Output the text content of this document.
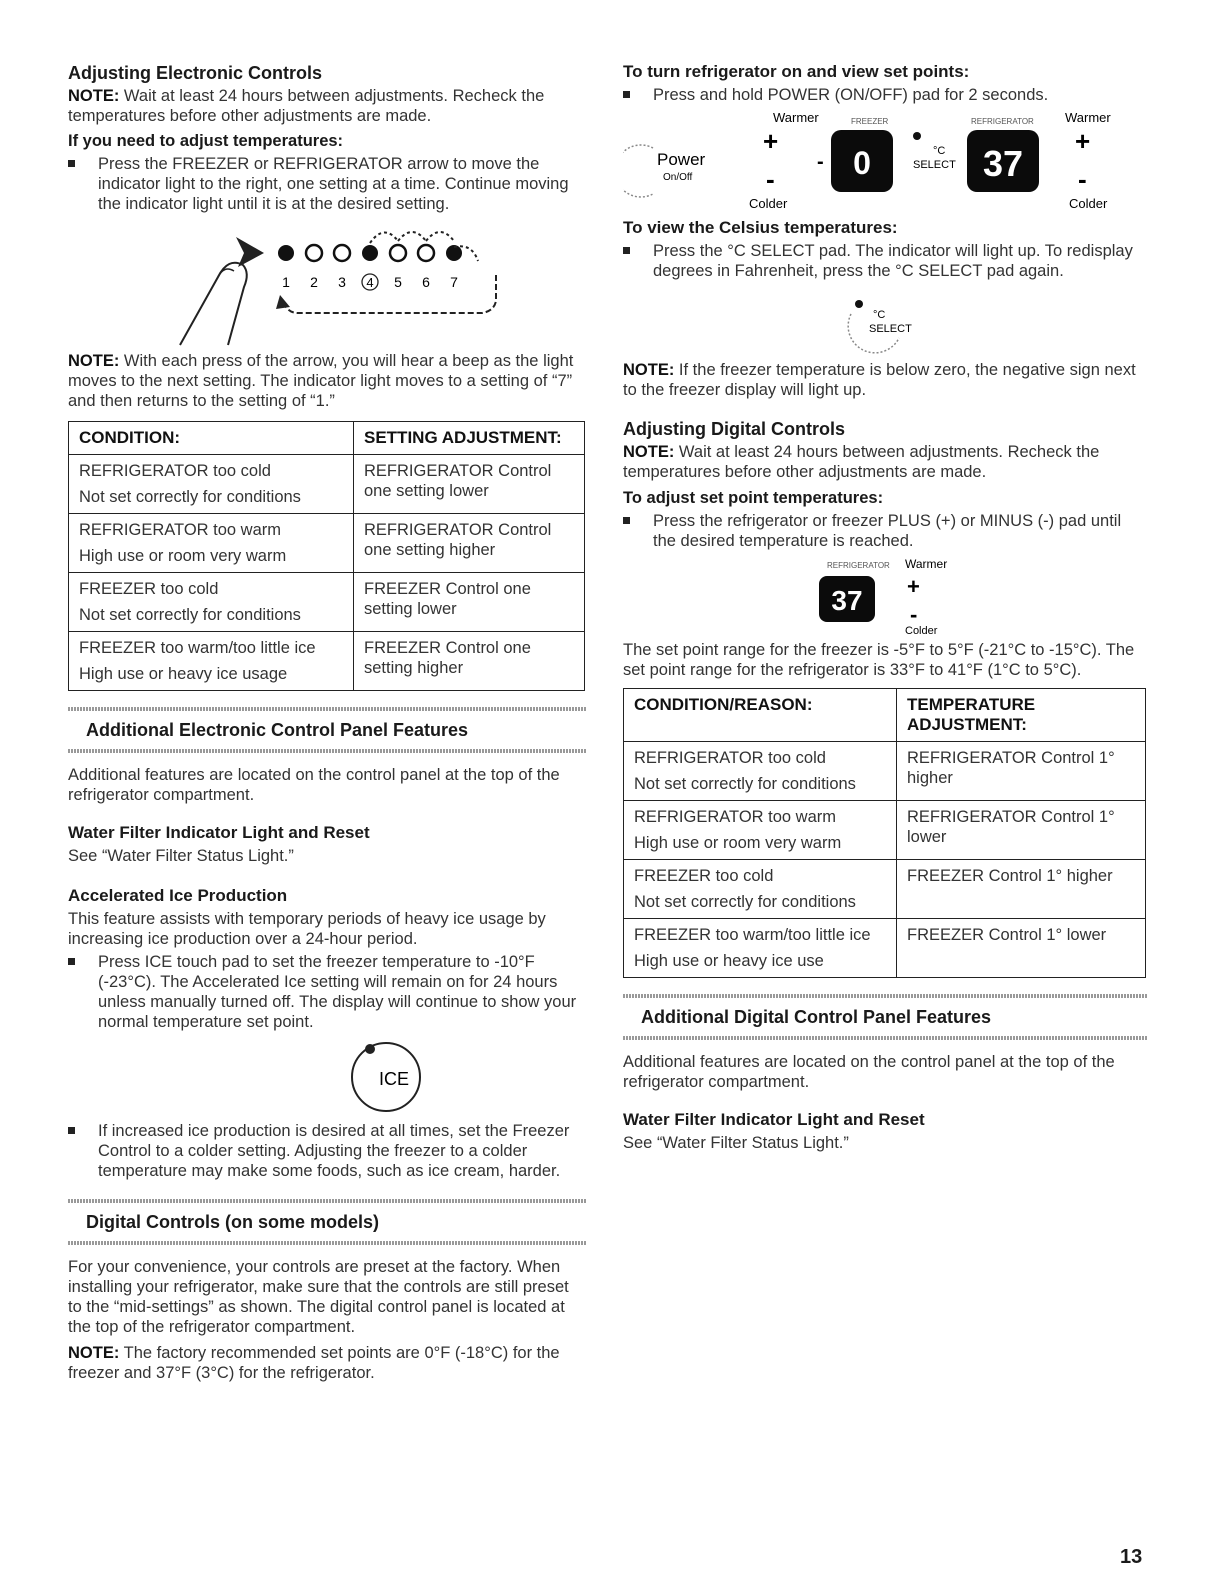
Adjusting Electronic Controls

NOTE: Wait at least 24 hours between adjustments. Recheck the temperatures before other adjustments are made.

If you need to adjust temperatures:
Press the FREEZER or REFRIGERATOR arrow to move the indicator light to the right, one setting at a time. Continue moving the indicator light until it is at the desired setting.
1 2 3 4 5 6 7

NOTE: With each press of the arrow, you will hear a beep as the light moves to the next setting. The indicator light moves to a setting of “7” and then returns to the setting of “1.”

CONDITION:	SETTING ADJUSTMENT:

REFRIGERATOR too cold
Not set correctly for conditions	REFRIGERATOR Control one setting lower

REFRIGERATOR too warm
High use or room very warm	REFRIGERATOR Control one setting higher

FREEZER too cold
Not set correctly for conditions	FREEZER Control one setting lower

FREEZER too warm/too little ice
High use or heavy ice usage	FREEZER Control one setting higher
Additional Electronic Control Panel Features

Additional features are located on the control panel at the top of the refrigerator compartment.

Water Filter Indicator Light and Reset

See “Water Filter Status Light.”

Accelerated Ice Production

This feature assists with temporary periods of heavy ice usage by increasing ice production over a 24-hour period.

Press ICE touch pad to set the freezer temperature to -10°F (-23°C). The Accelerated Ice setting will remain on for 24 hours unless manually turned off. The display will continue to show your normal temperature set point.
ICE
If increased ice production is desired at all times, set the Freezer Control to a colder setting. Adjusting the freezer to a colder temperature may make some foods, such as ice cream, harder.
Digital Controls (on some models)

For your convenience, your controls are preset at the factory. When installing your refrigerator, make sure that the controls are still preset to the “mid-settings” as shown. The digital control panel is located at the top of the refrigerator compartment.

NOTE: The factory recommended set points are 0°F (-18°C) for the freezer and 37°F (3°C) for the refrigerator.

To turn refrigerator on and view set points:
Press and hold POWER (ON/OFF) pad for 2 seconds.
Warmer	FREEZER	REFRIGERATOR Warmer
Power
On/Off
+
-
- 0	°C
SELECT 37
+
-
Colder	Colder
To view the Celsius temperatures:
Press the °C SELECT pad. The indicator will light up. To redisplay degrees in Fahrenheit, press the °C SELECT pad again.
°C
SELECT

NOTE: If the freezer temperature is below zero, the negative sign next to the freezer display will light up.

Adjusting Digital Controls

NOTE: Wait at least 24 hours between adjustments. Recheck the temperatures before other adjustments are made.

To adjust set point temperatures:
Press the refrigerator or freezer PLUS (+) or MINUS (-) pad until the desired temperature is reached.
REFRIGERATOR Warmer
37 +
-
Colder

The set point range for the freezer is -5°F to 5°F (-21°C to -15°C). The set point range for the refrigerator is 33°F to 41°F (1°C to 5°C).

CONDITION/REASON:	TEMPERATURE ADJUSTMENT:

REFRIGERATOR too cold
Not set correctly for conditions	REFRIGERATOR Control 1° higher

REFRIGERATOR too warm
High use or room very warm	REFRIGERATOR Control 1° lower

FREEZER too cold
Not set correctly for conditions	FREEZER Control 1° higher

FREEZER too warm/too little ice
High use or heavy ice use	FREEZER Control 1° lower
Additional Digital Control Panel Features

Additional features are located on the control panel at the top of the refrigerator compartment.

Water Filter Indicator Light and Reset

See “Water Filter Status Light.”

13
